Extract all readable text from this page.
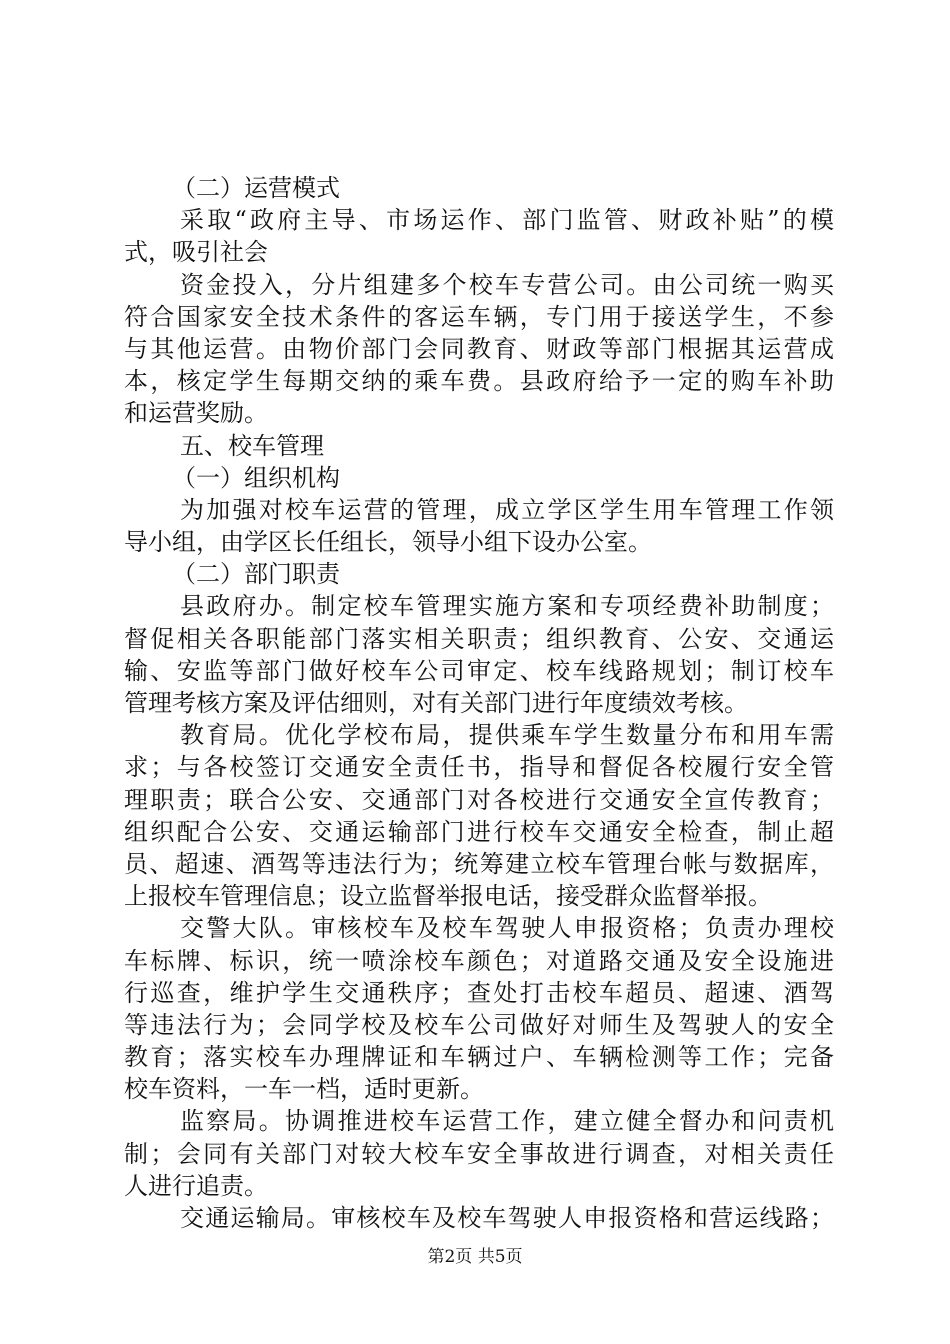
（二）运营模式
采取“政府主导、市场运作、部门监管、财政补贴”的模
式，吸引社会
资金投入，分片组建多个校车专营公司。由公司统一购买
符合国家安全技术条件的客运车辆，专门用于接送学生，不参
与其他运营。由物价部门会同教育、财政等部门根据其运营成
本，核定学生每期交纳的乘车费。县政府给予一定的购车补助
和运营奖励。
五、校车管理
（一）组织机构
为加强对校车运营的管理，成立学区学生用车管理工作领
导小组，由学区长任组长，领导小组下设办公室。
（二）部门职责
县政府办。制定校车管理实施方案和专项经费补助制度；
督促相关各职能部门落实相关职责；组织教育、公安、交通运
输、安监等部门做好校车公司审定、校车线路规划；制订校车
管理考核方案及评估细则，对有关部门进行年度绩效考核。
教育局。优化学校布局，提供乘车学生数量分布和用车需
求；与各校签订交通安全责任书，指导和督促各校履行安全管
理职责；联合公安、交通部门对各校进行交通安全宣传教育；
组织配合公安、交通运输部门进行校车交通安全检查，制止超
员、超速、酒驾等违法行为；统筹建立校车管理台帐与数据库，
上报校车管理信息；设立监督举报电话，接受群众监督举报。
交警大队。审核校车及校车驾驶人申报资格；负责办理校
车标牌、标识，统一喷涂校车颜色；对道路交通及安全设施进
行巡查，维护学生交通秩序；查处打击校车超员、超速、酒驾
等违法行为；会同学校及校车公司做好对师生及驾驶人的安全
教育；落实校车办理牌证和车辆过户、车辆检测等工作；完备
校车资料，一车一档，适时更新。
监察局。协调推进校车运营工作，建立健全督办和问责机
制；会同有关部门对较大校车安全事故进行调查，对相关责任
人进行追责。
交通运输局。审核校车及校车驾驶人申报资格和营运线路；
第2页 共5页
